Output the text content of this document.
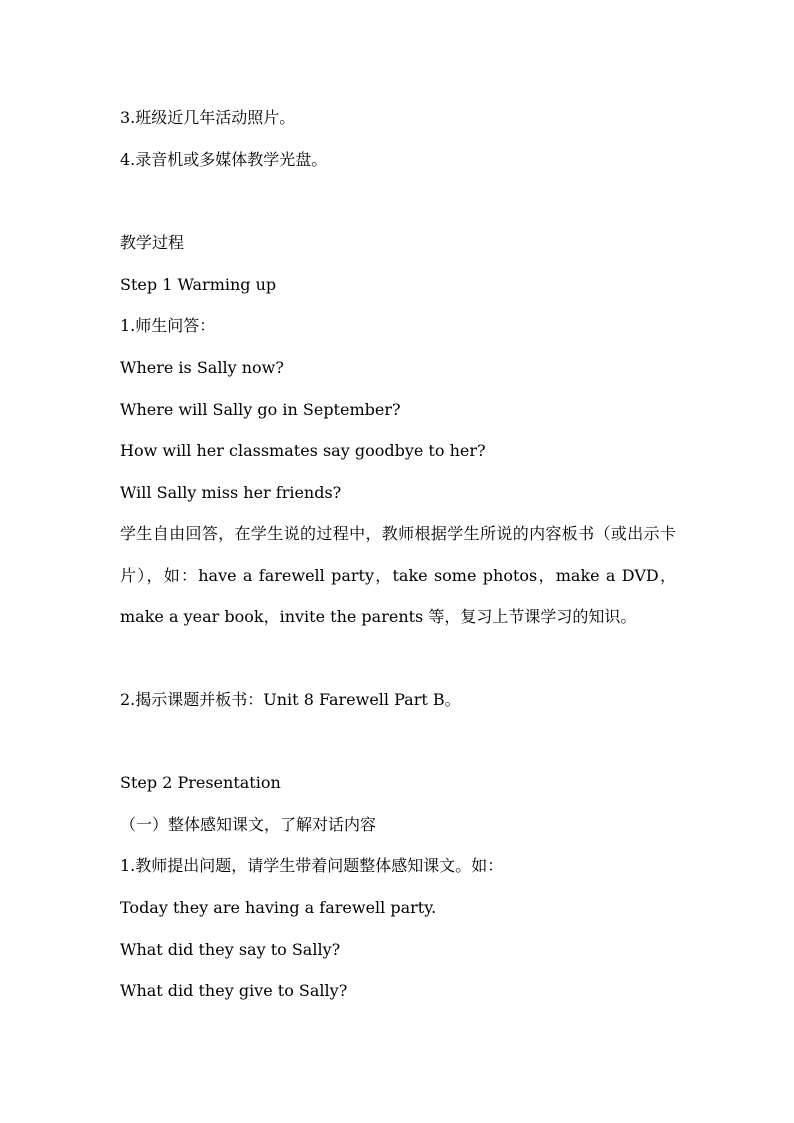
3.班级近几年活动照片。
4.录音机或多媒体教学光盘。
教学过程
Step 1 Warming up
1.师生问答：
Where is Sally now?
Where will Sally go in September?
How will her classmates say goodbye to her?
Will Sally miss her friends?
学生自由回答，在学生说的过程中，教师根据学生所说的内容板书（或出示卡片），如：have a farewell party，take some photos，make a DVD，make a year book，invite the parents 等，复习上节课学习的知识。
2.揭示课题并板书：Unit 8 Farewell Part B。
Step 2 Presentation
（一）整体感知课文，了解对话内容
1.教师提出问题，请学生带着问题整体感知课文。如：
Today they are having a farewell party.
What did they say to Sally?
What did they give to Sally?
